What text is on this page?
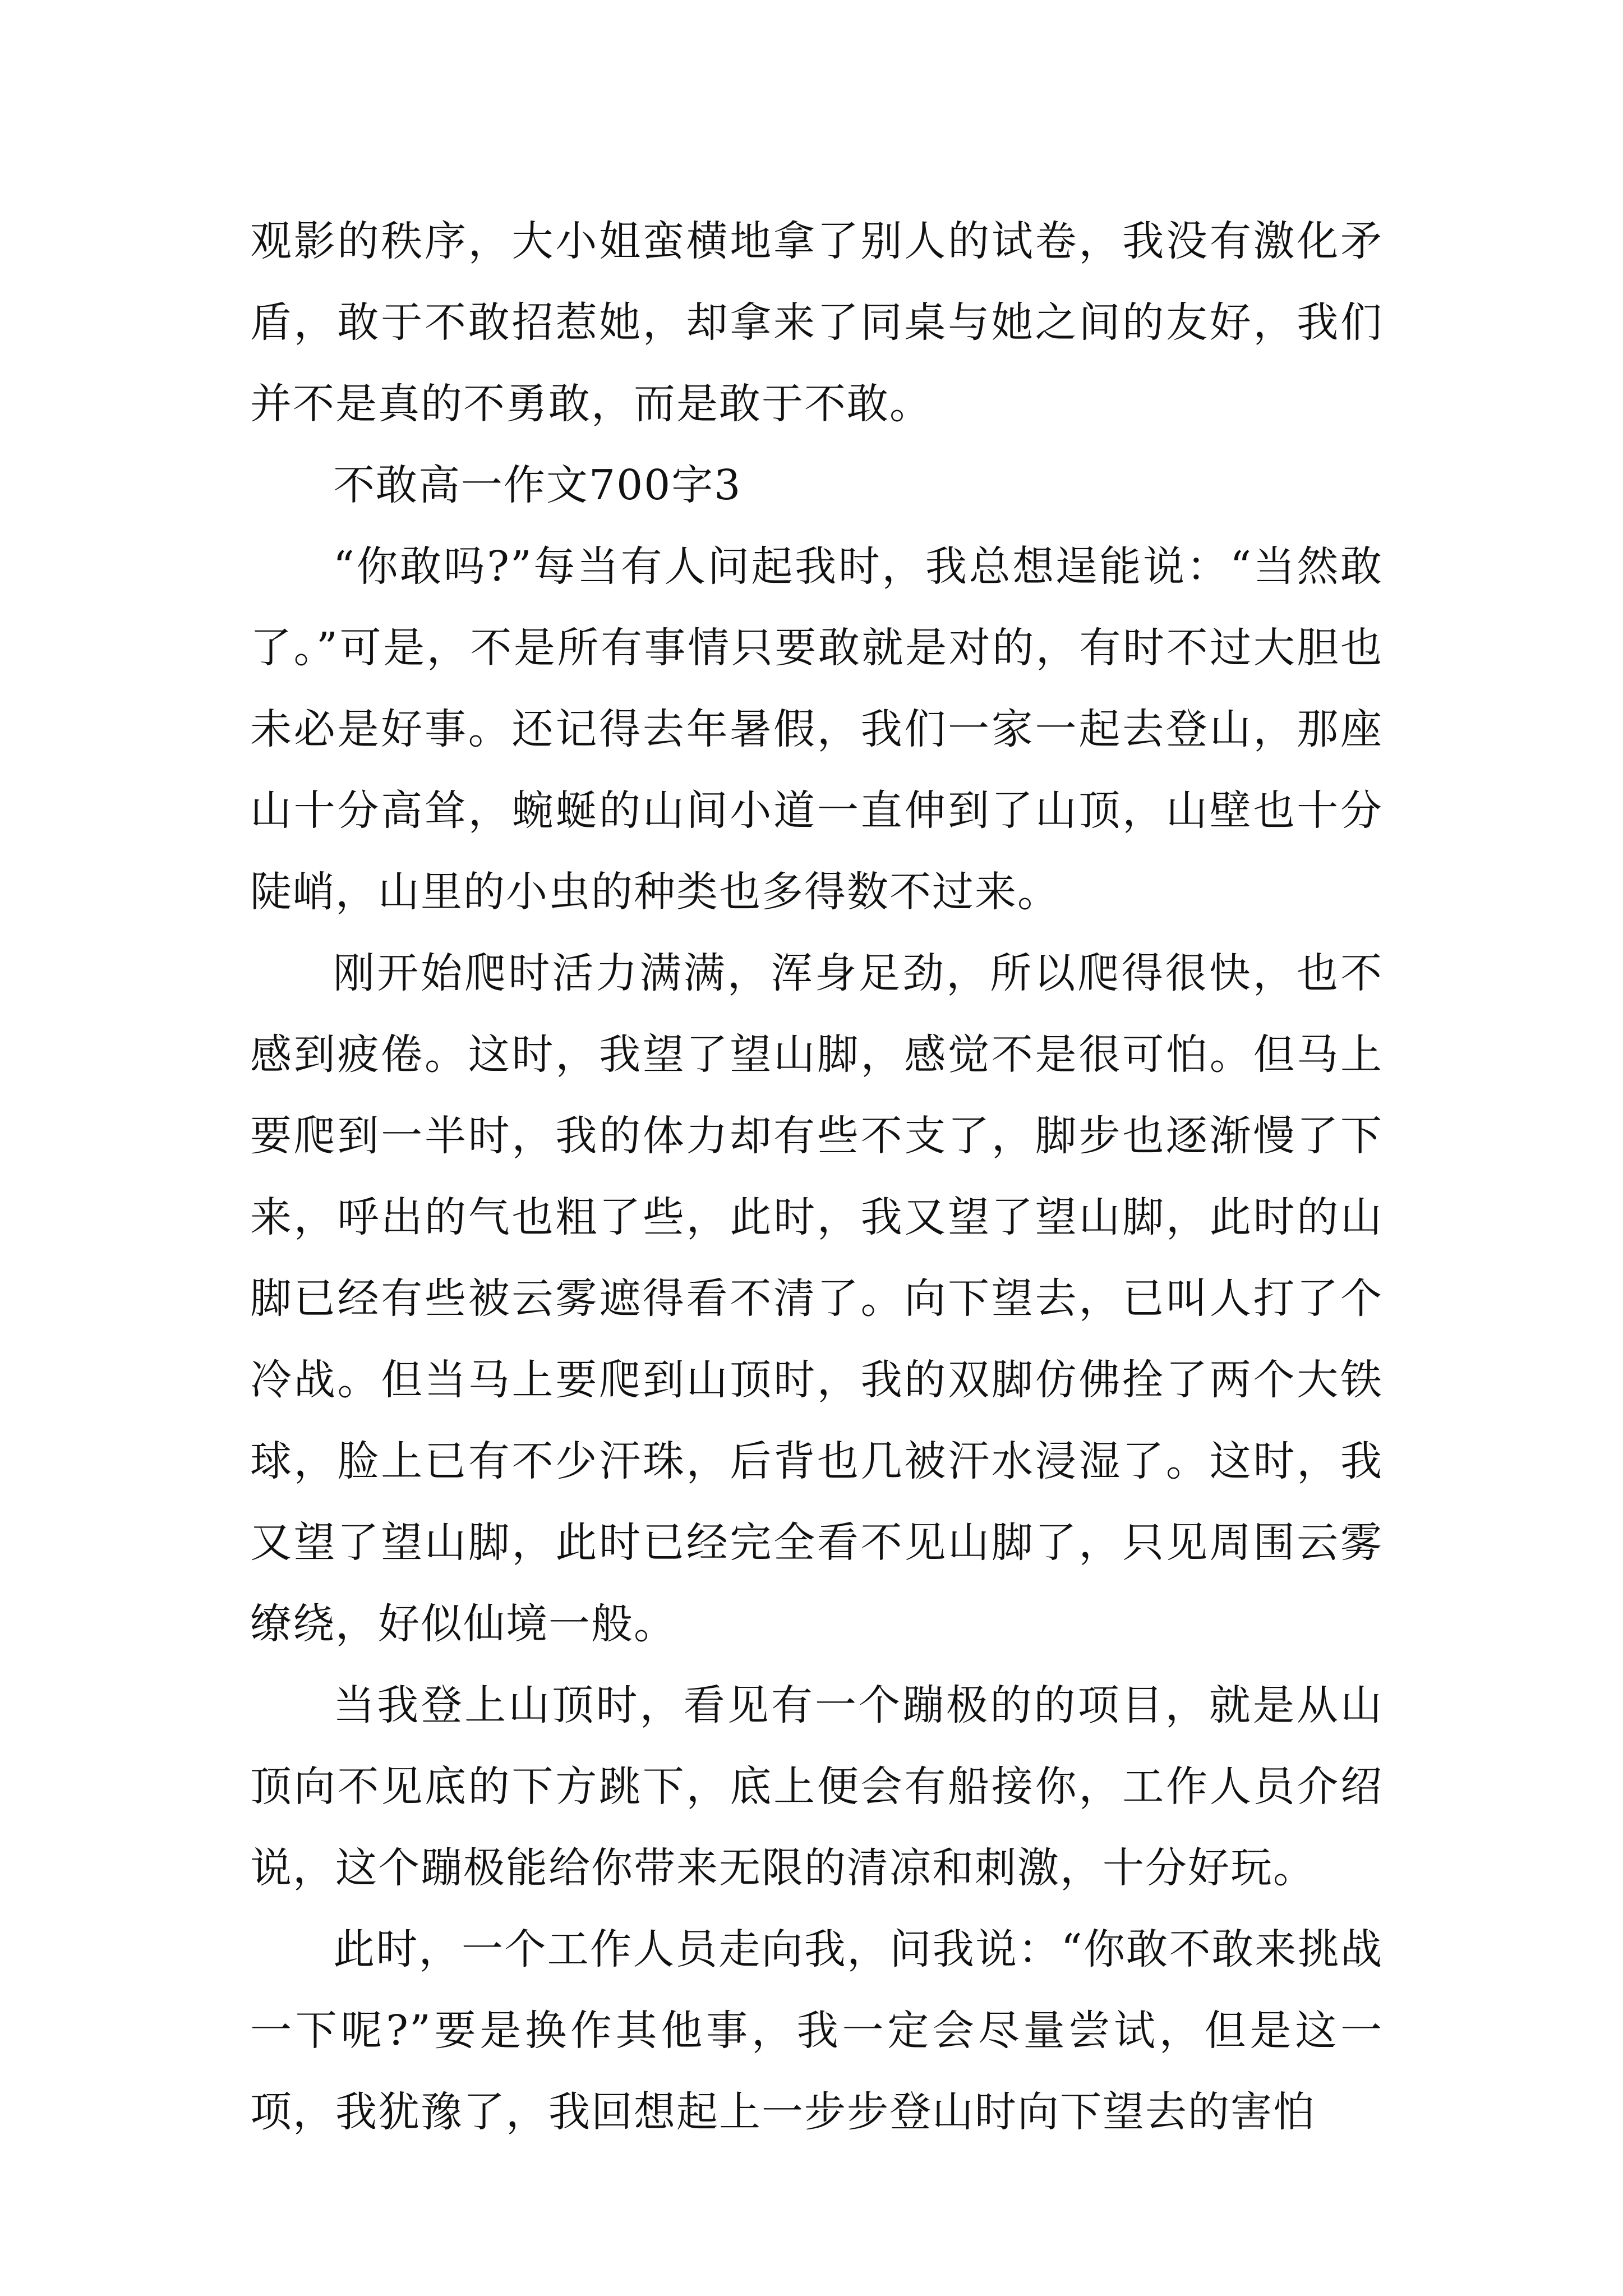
观影的秩序，大小姐蛮横地拿了别人的试卷，我没有激化矛盾，敢于不敢招惹她，却拿来了同桌与她之间的友好，我们并不是真的不勇敢，而是敢于不敢。

不敢高一作文700字3

“你敢吗?”每当有人问起我时，我总想逞能说：“当然敢了。”可是，不是所有事情只要敢就是对的，有时不过大胆也未必是好事。还记得去年暑假，我们一家一起去登山，那座山十分高耸，蜿蜒的山间小道一直伸到了山顶，山壁也十分陡峭，山里的小虫的种类也多得数不过来。

刚开始爬时活力满满，浑身足劲，所以爬得很快，也不感到疲倦。这时，我望了望山脚，感觉不是很可怕。但马上要爬到一半时，我的体力却有些不支了，脚步也逐渐慢了下来，呼出的气也粗了些，此时，我又望了望山脚，此时的山脚已经有些被云雾遮得看不清了。向下望去，已叫人打了个冷战。但当马上要爬到山顶时，我的双脚仿佛拴了两个大铁球，脸上已有不少汗珠，后背也几被汗水浸湿了。这时，我又望了望山脚，此时已经完全看不见山脚了，只见周围云雾缭绕，好似仙境一般。

当我登上山顶时，看见有一个蹦极的的项目，就是从山顶向不见底的下方跳下，底上便会有船接你，工作人员介绍说，这个蹦极能给你带来无限的清凉和刺激，十分好玩。

此时，一个工作人员走向我，问我说：“你敢不敢来挑战一下呢?”要是换作其他事，我一定会尽量尝试，但是这一项，我犹豫了，我回想起上一步步登山时向下望去的害怕
